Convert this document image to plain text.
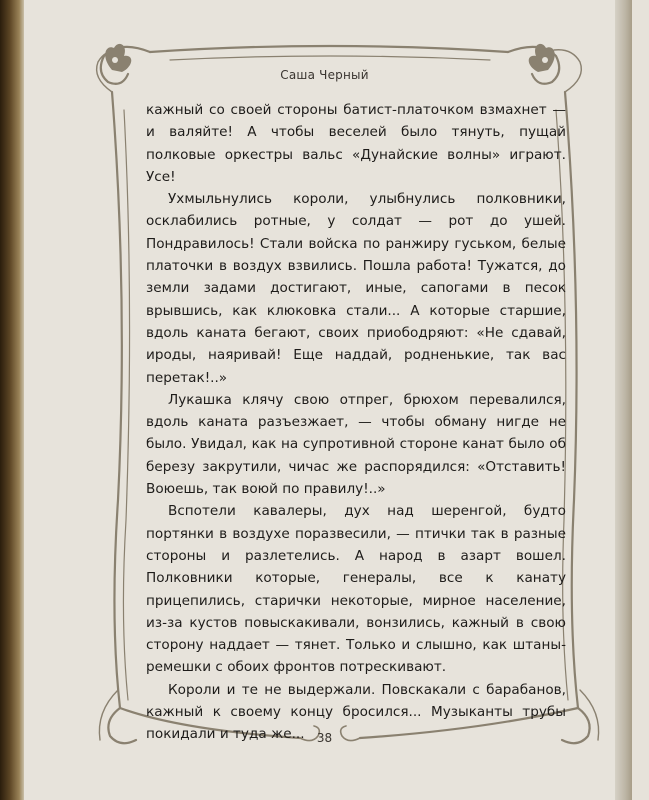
Саша Черный

кажный со своей стороны батист-платочком взмахнет — и валяйте! А чтобы веселей было тянуть, пущай полковые оркестры вальс «Дунайские волны» играют. Усе!

Ухмыльнулись короли, улыбнулись полковники, осклабились ротные, у солдат — рот до ушей. Пондравилось! Стали войска по ранжиру гуськом, белые платочки в воздух взвились. Пошла работа! Тужатся, до земли задами достигают, иные, сапогами в песок врывшись, как клюковка стали... А которые старшие, вдоль каната бегают, своих приободряют: «Не сдавай, ироды, наяривай! Еще наддай, родненькие, так вас перетак!..»

Лукашка клячу свою отпрег, брюхом перевалился, вдоль каната разъезжает, — чтобы обману нигде не было. Увидал, как на супротивной стороне канат было об березу закрутили, чичас же распорядился: «Отставить! Воюешь, так воюй по правилу!..»

Вспотели кавалеры, дух над шеренгой, будто портянки в воздухе поразвесили, — птички так в разные стороны и разлетелись. А народ в азарт вошел. Полковники которые, генералы, все к канату прицепились, старички некоторые, мирное население, из-за кустов повыскакивали, вонзились, кажный в свою сторону наддает — тянет. Только и слышно, как штаны-ремешки с обоих фронтов потрескивают.

Короли и те не выдержали. Повскакали с барабанов, кажный к своему концу бросился... Музыканты трубы покидали и туда же...	38
